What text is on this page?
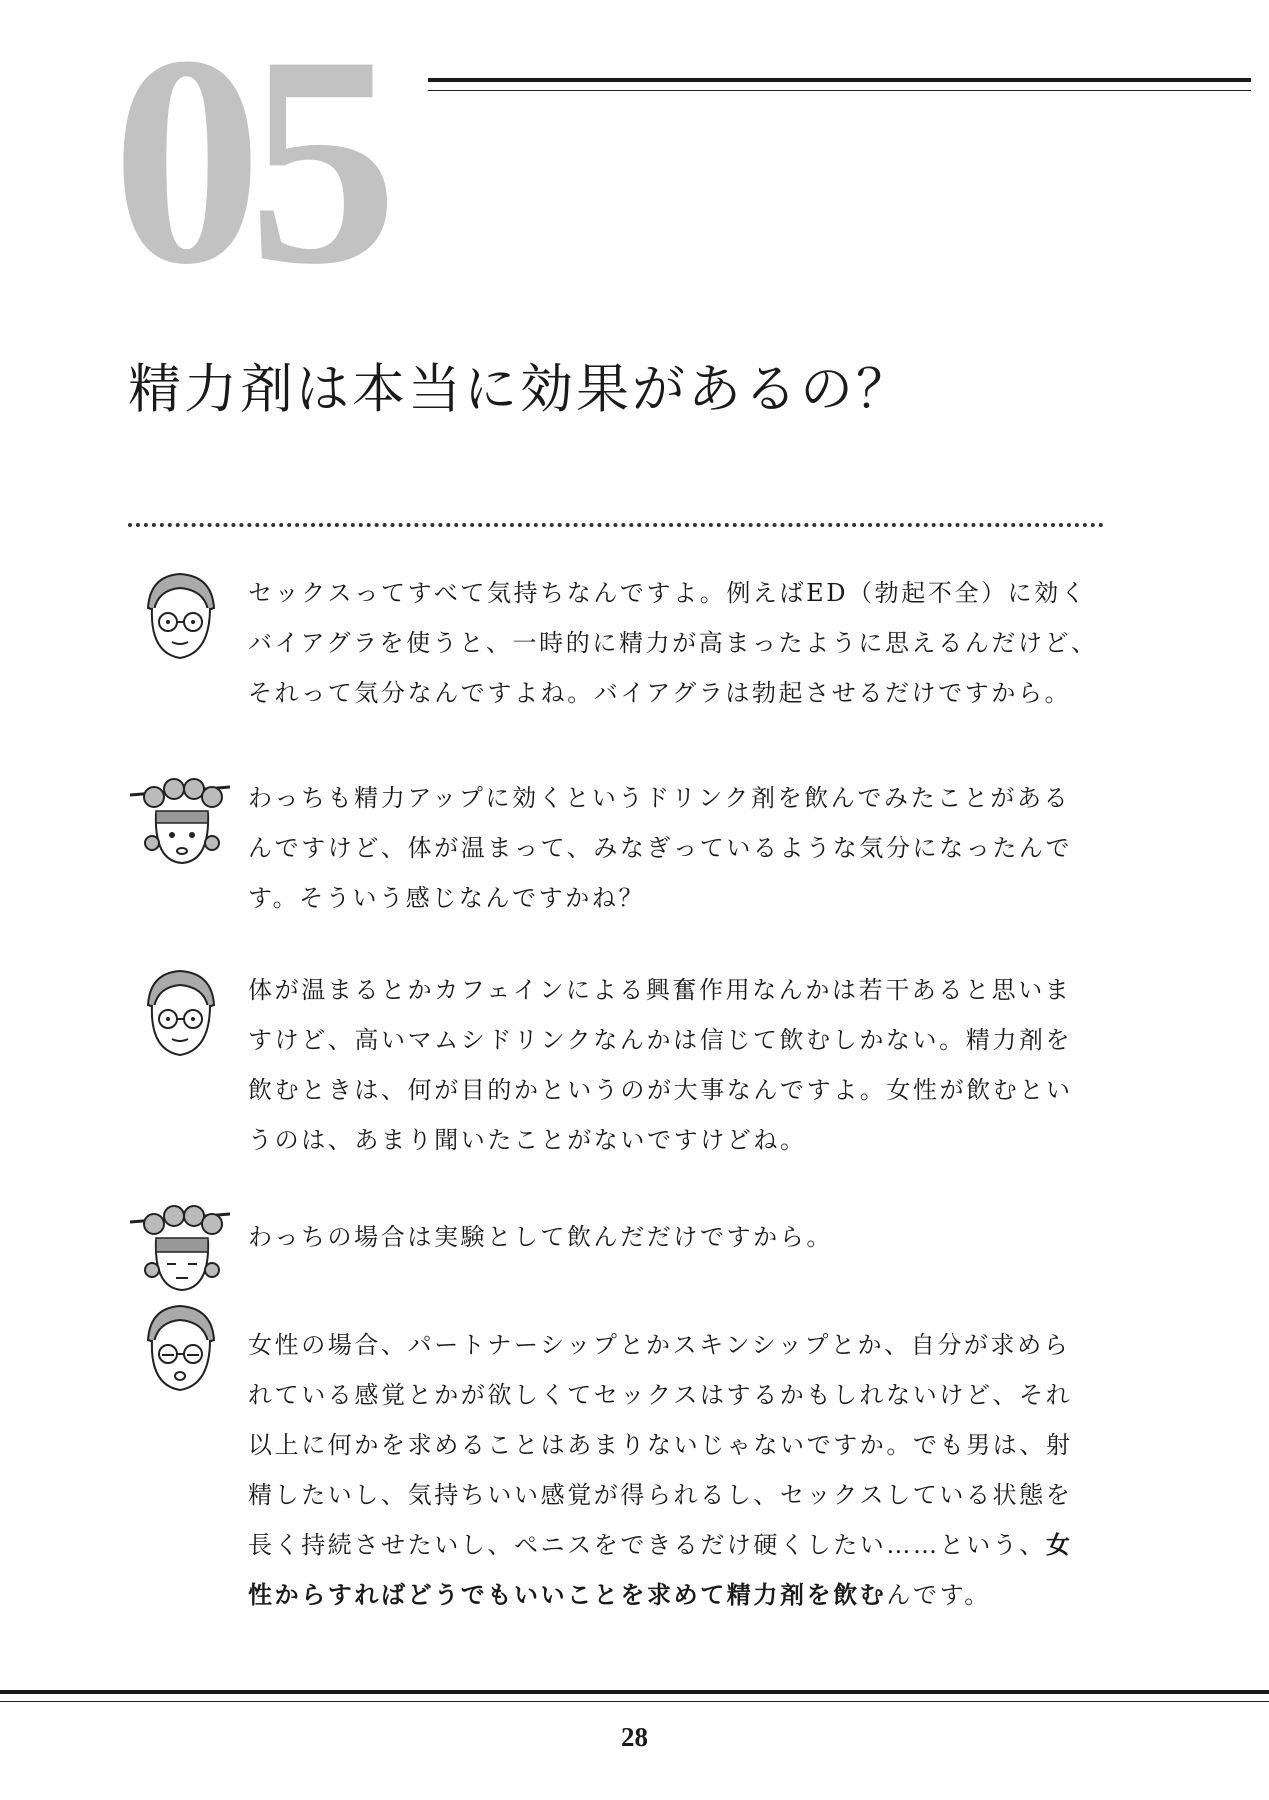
05
精力剤は本当に効果があるの？
セックスってすべて気持ちなんですよ。例えばED（勃起不全）に効く
バイアグラを使うと、一時的に精力が高まったように思えるんだけど、
それって気分なんですよね。バイアグラは勃起させるだけですから。
わっちも精力アップに効くというドリンク剤を飲んでみたことがある
んですけど、体が温まって、みなぎっているような気分になったんで
す。そういう感じなんですかね？
体が温まるとかカフェインによる興奮作用なんかは若干あると思いま
すけど、高いマムシドリンクなんかは信じて飲むしかない。精力剤を
飲むときは、何が目的かというのが大事なんですよ。女性が飲むとい
うのは、あまり聞いたことがないですけどね。
わっちの場合は実験として飲んだだけですから。
女性の場合、パートナーシップとかスキンシップとか、自分が求めら
れている感覚とかが欲しくてセックスはするかもしれないけど、それ
以上に何かを求めることはあまりないじゃないですか。でも男は、射
精したいし、気持ちいい感覚が得られるし、セックスしている状態を
長く持続させたいし、ペニスをできるだけ硬くしたい……という、女
性からすればどうでもいいことを求めて精力剤を飲むんです。
28
